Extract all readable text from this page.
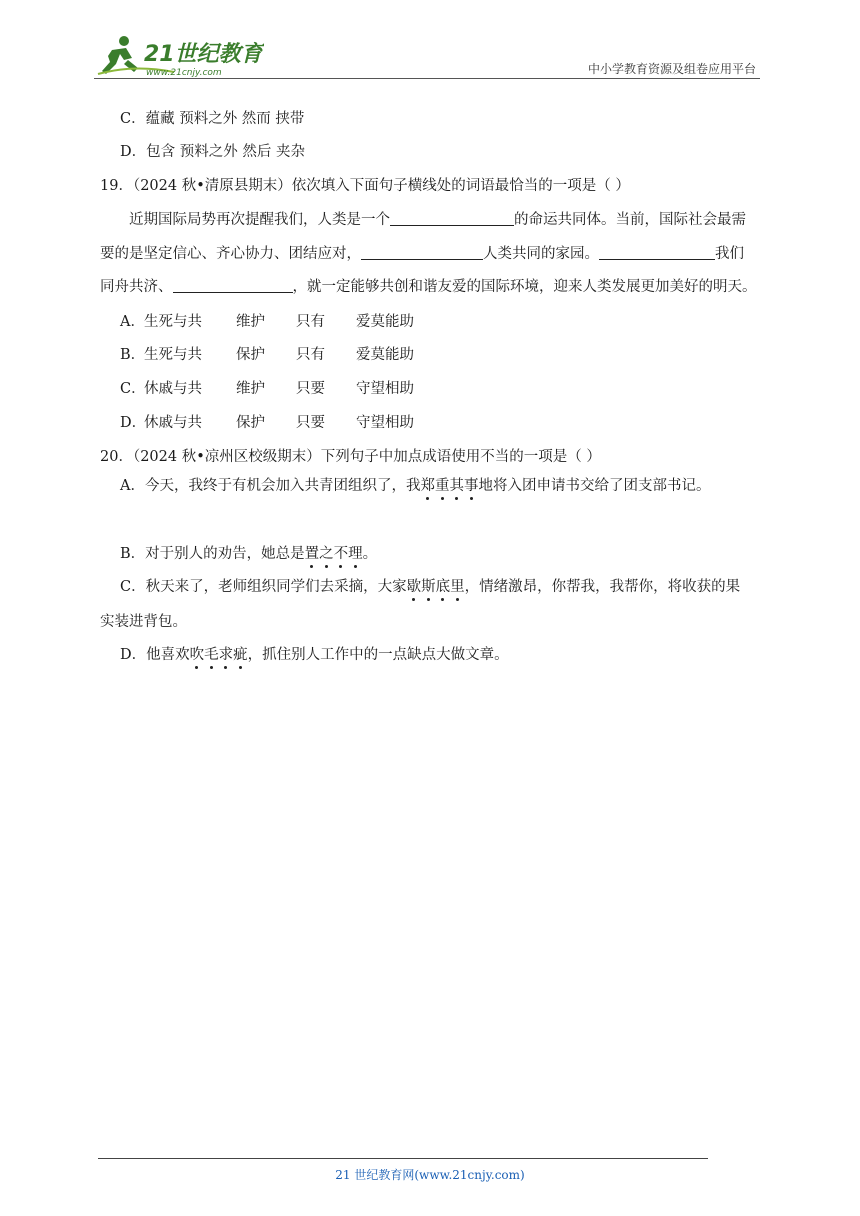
21世纪教育
www.21cnjy.com	中小学教育资源及组卷应用平台
C．蕴藏 预料之外 然而 挟带
D．包含 预料之外 然后 夹杂
19．（2024 秋•清原县期末）依次填入下面句子横线处的词语最恰当的一项是（ ）
近期国际局势再次提醒我们，人类是一个	的命运共同体。当前，国际社会最需
要的是坚定信心、齐心协力、团结应对，	人类共同的家园。	我们
同舟共济、	，就一定能够共创和谐友爱的国际环境，迎来人类发展更加美好的明天。
A．生死与共 维护 只有 爱莫能助
B．生死与共 保护 只有 爱莫能助
C．休戚与共 维护 只要 守望相助
D．休戚与共 保护 只要 守望相助
20．（2024 秋•凉州区校级期末）下列句子中加点成语使用不当的一项是（ ）
A．今天，我终于有机会加入共青团组织了，我郑重其事地将入团申请书交给了团支部书记。
B．对于别人的劝告，她总是置之不理。
C．秋天来了，老师组织同学们去采摘，大家歇斯底里，情绪激昂，你帮我，我帮你，将收获的果
实装进背包。
D．他喜欢吹毛求疵，抓住别人工作中的一点缺点大做文章。
21 世纪教育网(www.21cnjy.com)
